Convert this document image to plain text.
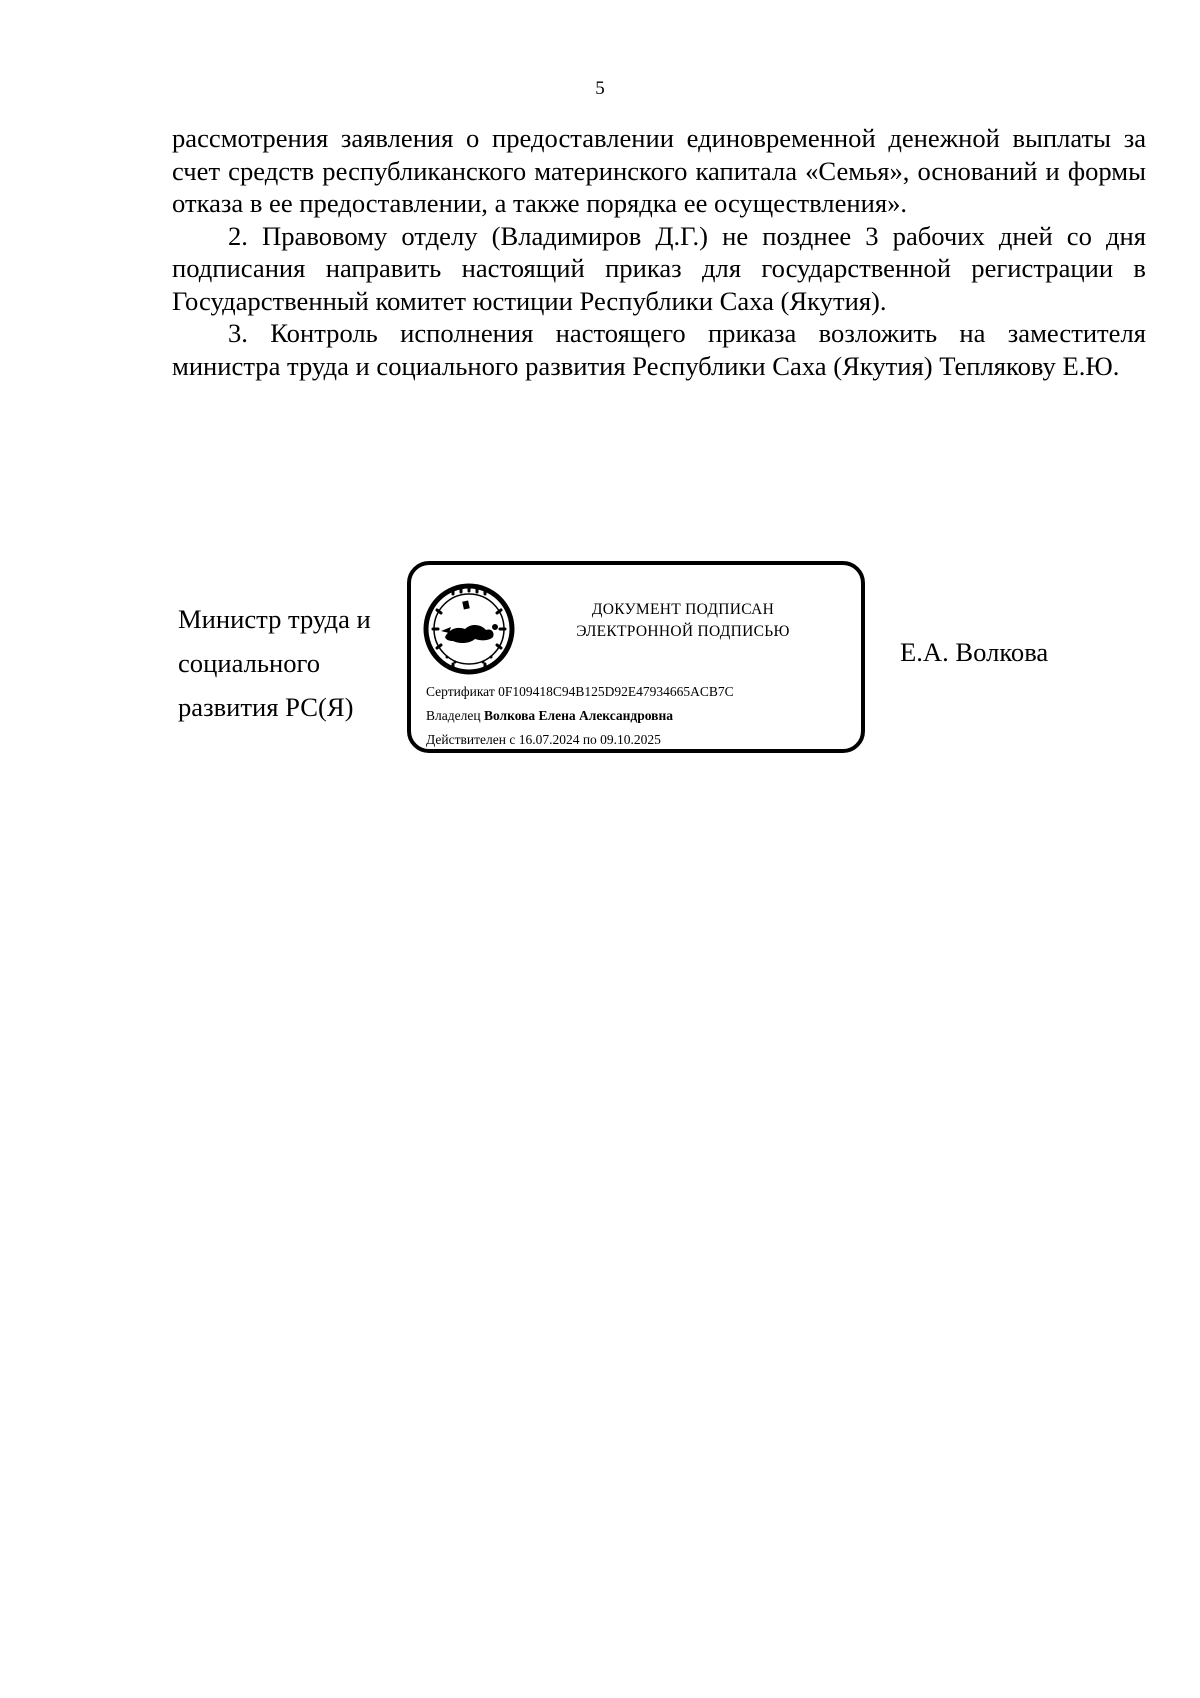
5

рассмотрения заявления о предоставлении единовременной денежной выплаты за счет средств республиканского материнского капитала «Семья», оснований и формы отказа в ее предоставлении, а также порядка ее осуществления».

2. Правовому отделу (Владимиров Д.Г.) не позднее 3 рабочих дней со дня подписания направить настоящий приказ для государственной регистрации в Государственный комитет юстиции Республики Саха (Якутия).

3. Контроль исполнения настоящего приказа возложить на заместителя министра труда и социального развития Республики Саха (Якутия) Теплякову Е.Ю.

Министр труда и
социального
развития РС(Я)
ДОКУМЕНТ ПОДПИСАН
ЭЛЕКТРОННОЙ ПОДПИСЬЮ
Сертификат 0F109418C94B125D92E47934665ACB7C
Владелец Волкова Елена Александровна
Действителен с 16.07.2024 по 09.10.2025
Е.А. Волкова
